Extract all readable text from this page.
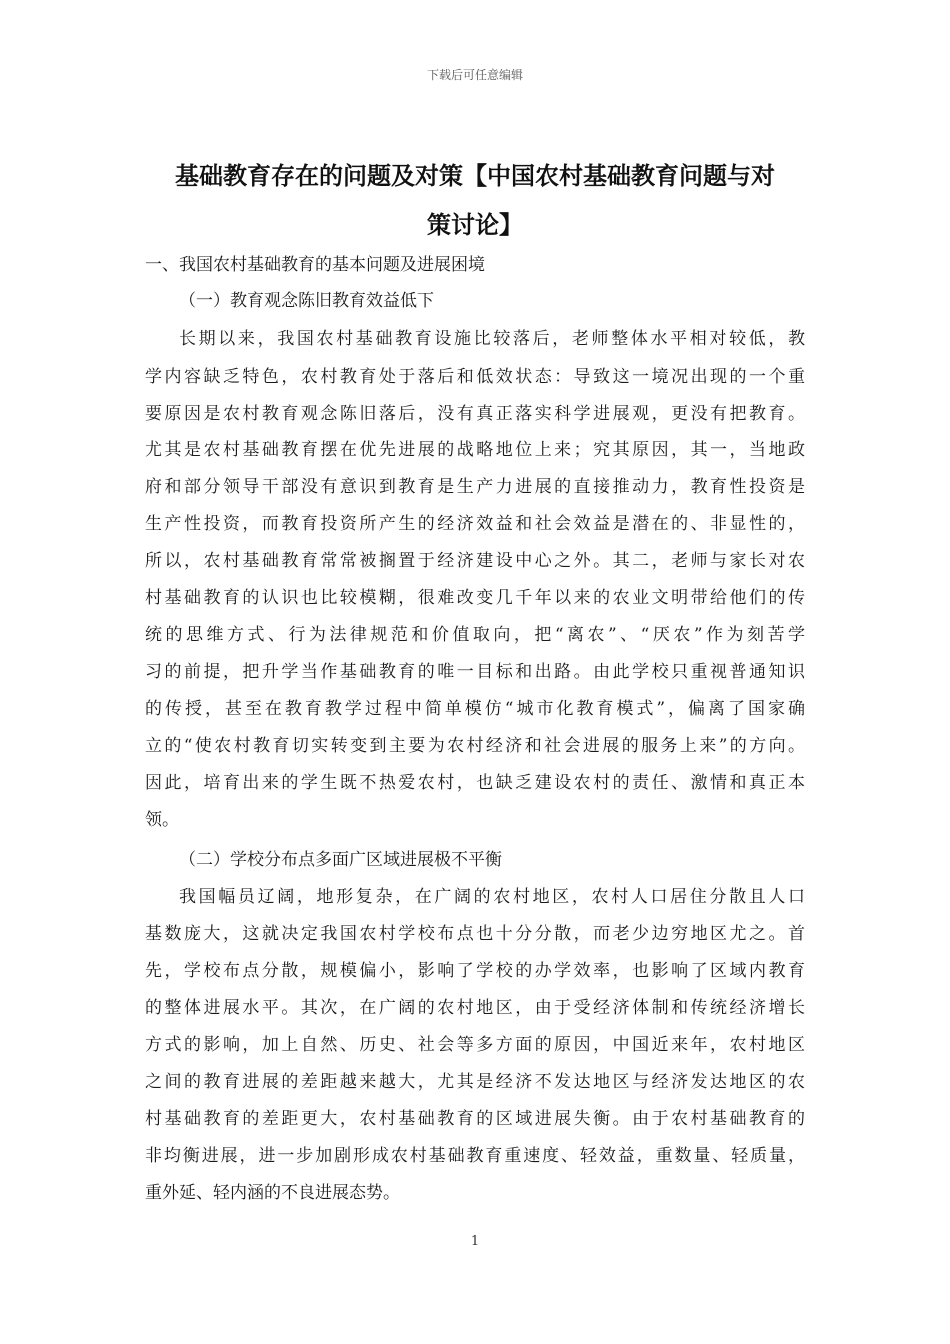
下载后可任意编辑
基础教育存在的问题及对策【中国农村基础教育问题与对
策讨论】
一、我国农村基础教育的基本问题及进展困境
（一）教育观念陈旧教育效益低下
长期以来，我国农村基础教育设施比较落后，老师整体水平相对较低，教
学内容缺乏特色，农村教育处于落后和低效状态：导致这一境况出现的一个重
要原因是农村教育观念陈旧落后，没有真正落实科学进展观，更没有把教育。
尤其是农村基础教育摆在优先进展的战略地位上来；究其原因，其一，当地政
府和部分领导干部没有意识到教育是生产力进展的直接推动力，教育性投资是
生产性投资，而教育投资所产生的经济效益和社会效益是潜在的、非显性的，
所以，农村基础教育常常被搁置于经济建设中心之外。其二，老师与家长对农
村基础教育的认识也比较模糊，很难改变几千年以来的农业文明带给他们的传
统的思维方式、行为法律规范和价值取向，把“离农”、“厌农”作为刻苦学
习的前提，把升学当作基础教育的唯一目标和出路。由此学校只重视普通知识
的传授，甚至在教育教学过程中简单模仿“城市化教育模式”，偏离了国家确
立的“使农村教育切实转变到主要为农村经济和社会进展的服务上来”的方向。
因此，培育出来的学生既不热爱农村，也缺乏建设农村的责任、激情和真正本
领。
（二）学校分布点多面广区域进展极不平衡
我国幅员辽阔，地形复杂，在广阔的农村地区，农村人口居住分散且人口
基数庞大，这就决定我国农村学校布点也十分分散，而老少边穷地区尤之。首
先，学校布点分散，规模偏小，影响了学校的办学效率，也影响了区域内教育
的整体进展水平。其次，在广阔的农村地区，由于受经济体制和传统经济增长
方式的影响，加上自然、历史、社会等多方面的原因，中国近来年，农村地区
之间的教育进展的差距越来越大，尤其是经济不发达地区与经济发达地区的农
村基础教育的差距更大，农村基础教育的区域进展失衡。由于农村基础教育的
非均衡进展，进一步加剧形成农村基础教育重速度、轻效益，重数量、轻质量，
重外延、轻内涵的不良进展态势。
1
